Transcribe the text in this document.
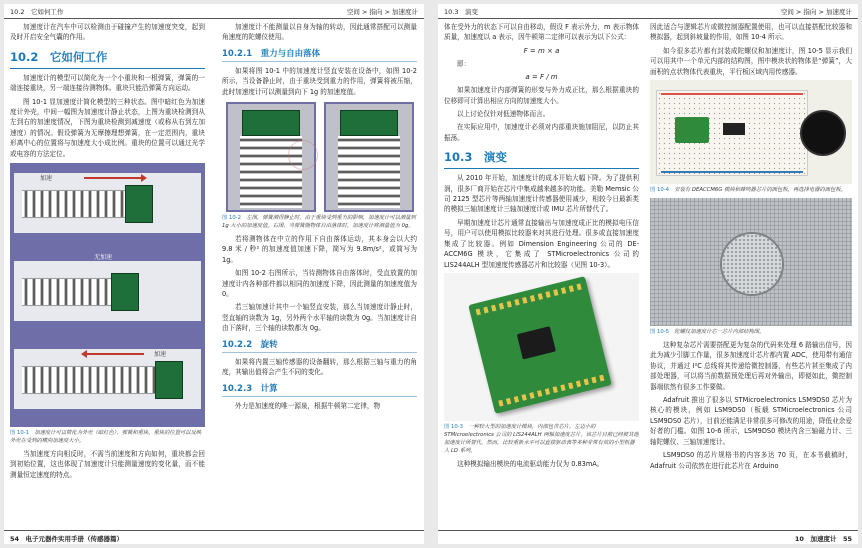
10.2　它如何工作	空间 > 指向 > 加速度计

加速度计在汽车中可以检测由于碰撞产生的加速度突变，起到及时开启安全气囊的作用。

10.2　它如何工作

加速度计的模型可以简化为一个小重块和一根弹簧，弹簧的一端连接重块，另一端连接待测物体。重块只能沿弹簧方向运动。

图 10-1 显加速度计简化模型的三种状态。图中暗红色为加速度计外壳，中间一幅图为加速度计静止状态，上图为重块检测到从左到右的加速度情况，下图为重块检测到减速度（或称从右到左加速度）的情况。假设弹簧为无摩擦理想弹簧，在一定范围内，重块形离中心的位置将与加速度大小成比例。重块的位置可以通过光学或电容的方法定位。

加速
无加速
加速

图 10-1　 加速度计可以简化为外壳（暗红色）、弹簧和重块。重块的位置可以反映外壳在受到的横向加速度大小。

当加速度方向相反时，不需当前速度和方向如何，重块都会回到初始位置，这也体现了加速度计只能测量速度的变化量，而不能测量恒定速度的特点。

加速度计不能测量以自身为轴的转动，因此通常搭配可以测量角速度的陀螺仪使用。

10.2.1　重力与自由落体

如果将图 10-1 中的加速度计竖直安装在设备中，如图 10-2 所示，当设备静止时，由于重块受到重力的作用，弹簧将被压缩，此时加速度计可以测量到向下 1g 的加速度值。

图 10-2　 左图，弹簧测得静止时，由于重块受到重力的影响，加速度计可以测量到 1g 大小的加速度值。右图，当弹簧随物体自由落体时，加速度计将测量值为 0g。

若将测物体在中立的作用下自由落体运动，其本身会以大约 9.8 米 / 秒² 的加速度值加速下降，简写为 9.8m/s²，或简写为 1g。

如图 10-2 右图所示，当待测物体自由落体时，受直放置的加速度计内各种部件都以相同的加速度下降，因此测量的加速度值为 0。

若三轴加速计其中一个轴竖直安装，那么当加速度计静止时，竖直轴的读数为 1g，另外两个水平轴的读数为 0g。当加速度计自由下落时，三个轴的读数都为 0g。

10.2.2　旋转

如果将内置三轴传感器的设备翻转，那么根据三轴与重力的角度，其输出值将会产生不同的变化。

10.2.3　计算

外力是加速度的唯一源泉，根据牛顿第二定律，物

54　电子元器件实用手册（传感器篇）
10.3　演变	空间 > 指向 > 加速度计

体在受外力的状态下可以自由移动，假设 F 表示外力，m 表示物体质量，加速度以 a 表示，因牛顿第二定律可以表示为以下公式：

F = m × a

即：

a = F / m

如果加速度计内部弹簧的形变与外力成正比，那么根据重块的位移即可计算出相应方向的加速度大小。

以上讨论仅针对低速物体而言。

在实际应用中，加速度计必须对内部重块施加阻尼，以防止其振荡。

10.3　演变

从 2010 年开始，加速度计的成本开始大幅下降。为了提供利润，很多厂商开始在芯片中集成越来越多的功能。美勒 Memsic 公司 2125 型芯片等两轴加速度计传感器使用减少，相较今日最新类的模拟三轴加速度计三轴加速度计或 IMU 芯片所替代了。

早期加速度计芯片通常直接输出与加速度成正比的模拟电压信号，用户可以使用模拟比较器来对其进行处理。很多或直接加速度集成了比较器。例如 Dimension Engineering 公司的 DE-ACCM6G 模块，它集成了 STMicroelectronics 公司的 LIS244ALH 型加速度传感器芯片和比较器（见图 10-3）。

图 10-3　 一种较大型的加速度计模块，内部包含芯片。左边小的 STMicroelectronics 公司的 LIS244ALH 两轴加速度芯片，该芯片目前已经被其他加速度计所替代。然而，比较重新水平可以直接驱动表等多种非常有效的小型机器人 LD 系列。

这种模拟输出模块的电流驱动能力仅为 0.83mA。

因此适合与逻辑芯片或微控制器配置使用，也可以直接搭配比较器和模拟器，起到斜坡量的作用，如图 10-4 所示。

如今很多芯片都有封装成陀螺仪和加速度计，图 10-5 显示我们可以用其中一个单元内部的结构图，图中模块状的物体是“弹簧”，大面积的点状物体代表重块，平行板区域内用传感器。

图 10-4　 安装有 DEACCM6G 模块和蜂鸣器芯片的面包板，再选择电器的面包板。

图 10-5　 陀螺仪加速度计芯一芯片内部结构图。

这种复杂芯片需要搭配更为复杂的代码来处理 6 路输出信号，因此为减少引脚工作量，很多加速度计芯片都内置 ADC，使用带有通信协议，并通过 I²C 总线将其传递给微控制器，有些芯片甚至集成了内部处理器，可以将当前数据预处理后再对外输出，即便如此，微控制器端依然有很多工作要做。

Adafruit 推出了很多以 STMicroelectronics LSM9DS0 芯片为核心的模块，例如 LSM9DS0（板载 STMicroelectronics 公司 LSM9DS0 芯片），目前还能满足非常很多可修改的用途，降低业余爱好者的门槛。如图 10-6 所示，LSM9DS0 模块内含三轴磁力计、三轴陀螺仪、三轴加速度计。

LSM9DS0 的芯片规格书的内容多达 70 页，在本书截稿时，Adafruit 公司依然在进行此芯片在 Arduino

10　加速度计　55
